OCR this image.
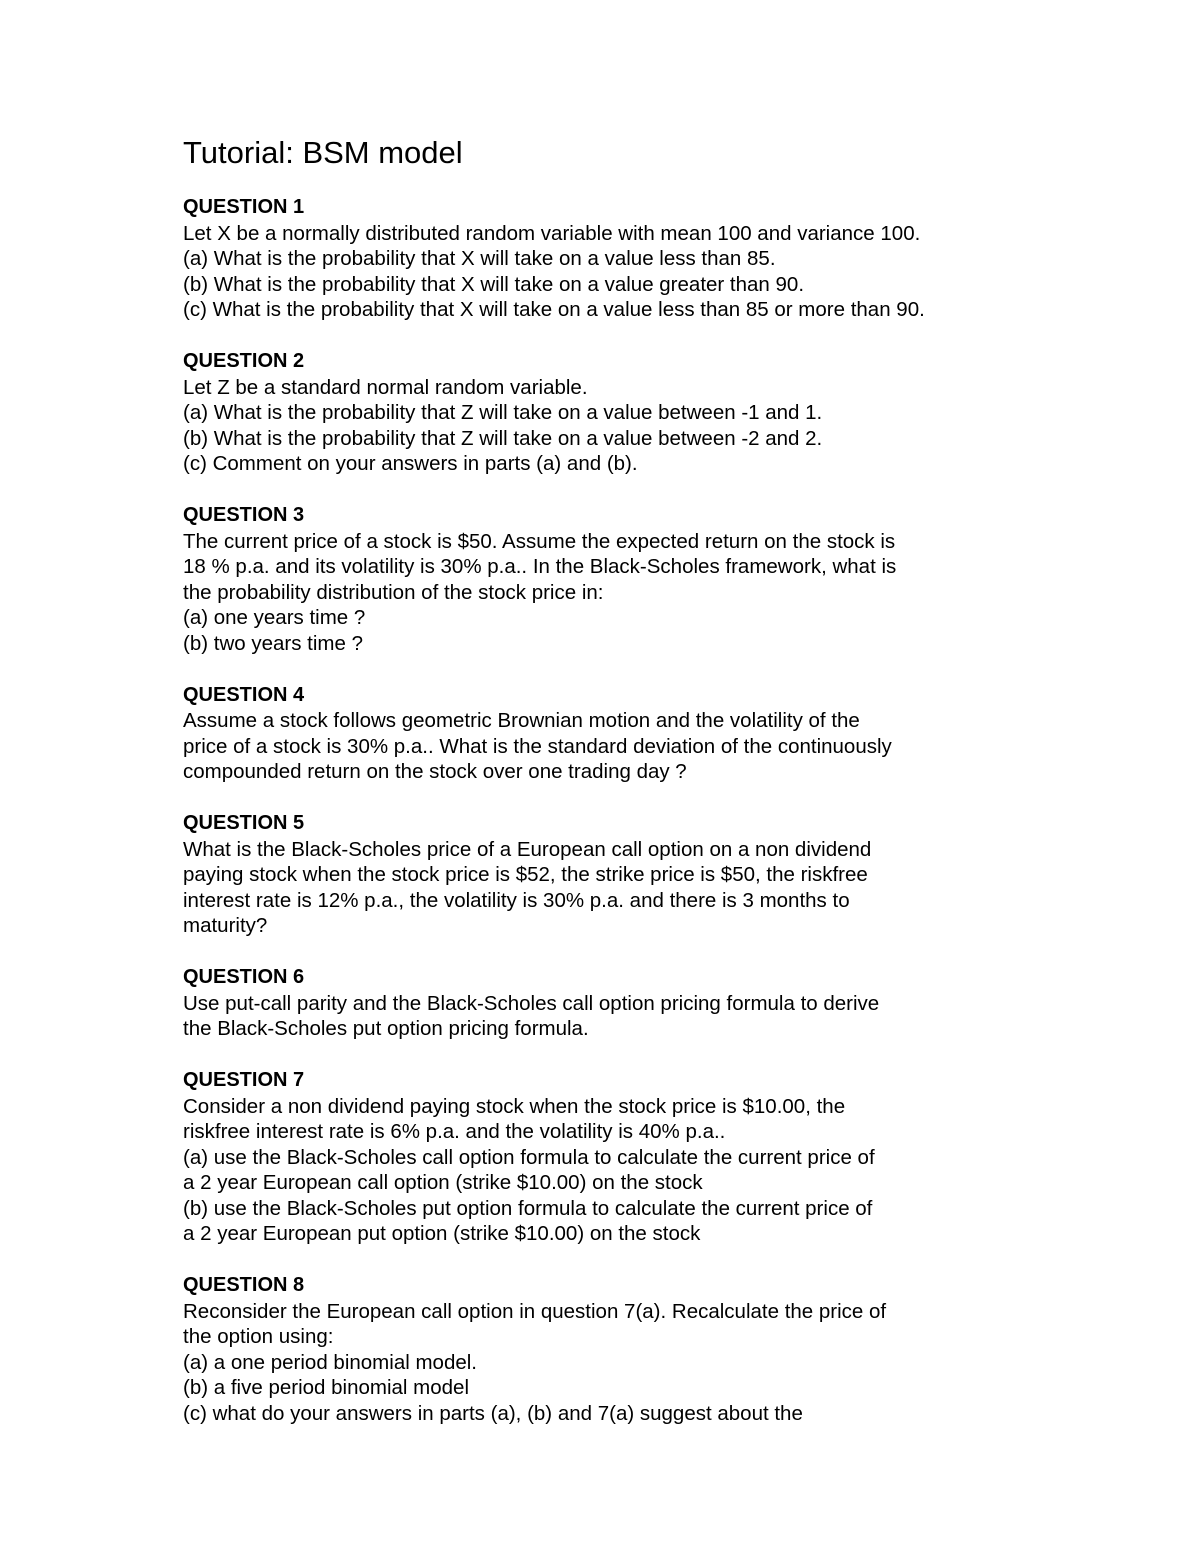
Tutorial: BSM model

QUESTION 1

Let X be a normally distributed random variable with mean 100 and variance 100.

(a) What is the probability that X will take on a value less than 85.

(b) What is the probability that X will take on a value greater than 90.

(c) What is the probability that X will take on a value less than 85 or more than 90.

QUESTION 2

Let Z be a standard normal random variable.

(a) What is the probability that Z will take on a value between -1 and 1.

(b) What is the probability that Z will take on a value between -2 and 2.

(c) Comment on your answers in parts (a) and (b).

QUESTION 3

The current price of a stock is $50. Assume the expected return on the stock is

18 % p.a. and its volatility is 30% p.a.. In the Black-Scholes framework, what is

the probability distribution of the stock price in:

(a) one years time ?

(b) two years time ?

QUESTION 4

Assume a stock follows geometric Brownian motion and the volatility of the

price of a stock is 30% p.a.. What is the standard deviation of the continuously

compounded return on the stock over one trading day ?

QUESTION 5

What is the Black-Scholes price of a European call option on a non dividend

paying stock when the stock price is $52, the strike price is $50, the riskfree

interest rate is 12% p.a., the volatility is 30% p.a. and there is 3 months to

maturity?

QUESTION 6

Use put-call parity and the Black-Scholes call option pricing formula to derive

the Black-Scholes put option pricing formula.

QUESTION 7

Consider a non dividend paying stock when the stock price is $10.00, the

riskfree interest rate is 6% p.a. and the volatility is 40% p.a..

(a) use the Black-Scholes call option formula to calculate the current price of

a 2 year European call option (strike $10.00) on the stock

(b) use the Black-Scholes put option formula to calculate the current price of

a 2 year European put option (strike $10.00) on the stock

QUESTION 8

Reconsider the European call option in question 7(a). Recalculate the price of

the option using:

(a) a one period binomial model.

(b) a five period binomial model

(c) what do your answers in parts (a), (b) and 7(a) suggest about the
